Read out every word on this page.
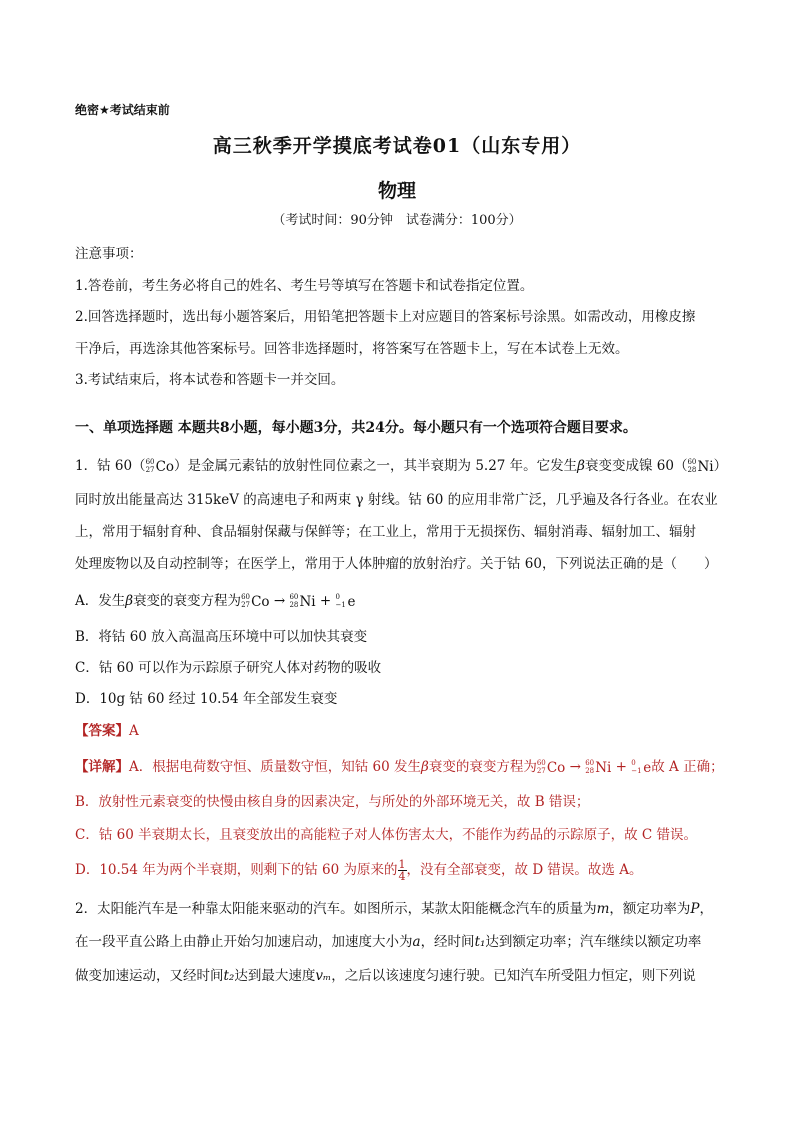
绝密★考试结束前
高三秋季开学摸底考试卷01（山东专用）
物理
（考试时间：90分钟　试卷满分：100分）
注意事项：
1.答卷前，考生务必将自己的姓名、考生号等填写在答题卡和试卷指定位置。
2.回答选择题时，选出每小题答案后，用铅笔把答题卡上对应题目的答案标号涂黑。如需改动，用橡皮擦
干净后，再选涂其他答案标号。回答非选择题时，将答案写在答题卡上，写在本试卷上无效。
3.考试结束后，将本试卷和答题卡一并交回。
一、单项选择题 本题共8小题，每小题3分，共24分。每小题只有一个选项符合题目要求。
1．钴 60（ 60
27 Co）是金属元素钴的放射性同位素之一，其半衰期为 5.27 年。它发生β衰变变成镍 60（ 60
28 Ni）
同时放出能量高达 315keV 的高速电子和两束 γ 射线。钴 60 的应用非常广泛，几乎遍及各行各业。在农业
上，常用于辐射育种、食品辐射保藏与保鲜等；在工业上，常用于无损探伤、辐射消毒、辐射加工、辐射
处理废物以及自动控制等；在医学上，常用于人体肿瘤的放射治疗。关于钴 60，下列说法正确的是（　　）
A．发生β衰变的衰变方程为 60
27 Co → 60
28 Ni + 0
−1 e
B．将钴 60 放入高温高压环境中可以加快其衰变
C．钴 60 可以作为示踪原子研究人体对药物的吸收
D．10g 钴 60 经过 10.54 年全部发生衰变
【答案】A
【详解】A．根据电荷数守恒、质量数守恒，知钴 60 发生β衰变的衰变方程为 60
27 Co → 60
28 Ni + 0
−1 e故 A 正确；
B．放射性元素衰变的快慢由核自身的因素决定，与所处的外部环境无关，故 B 错误；
C．钴 60 半衰期太长，且衰变放出的高能粒子对人体伤害太大，不能作为药品的示踪原子，故 C 错误。
D．10.54 年为两个半衰期，则剩下的钴 60 为原来的 $\frac{1}{4}$ ，没有全部衰变，故 D 错误。故选 A。
2．太阳能汽车是一种靠太阳能来驱动的汽车。如图所示，某款太阳能概念汽车的质量为m，额定功率为P，
在一段平直公路上由静止开始匀加速启动，加速度大小为a，经时间t₁达到额定功率；汽车继续以额定功率
做变加速运动，又经时间t₂达到最大速度vₘ，之后以该速度匀速行驶。已知汽车所受阻力恒定，则下列说
